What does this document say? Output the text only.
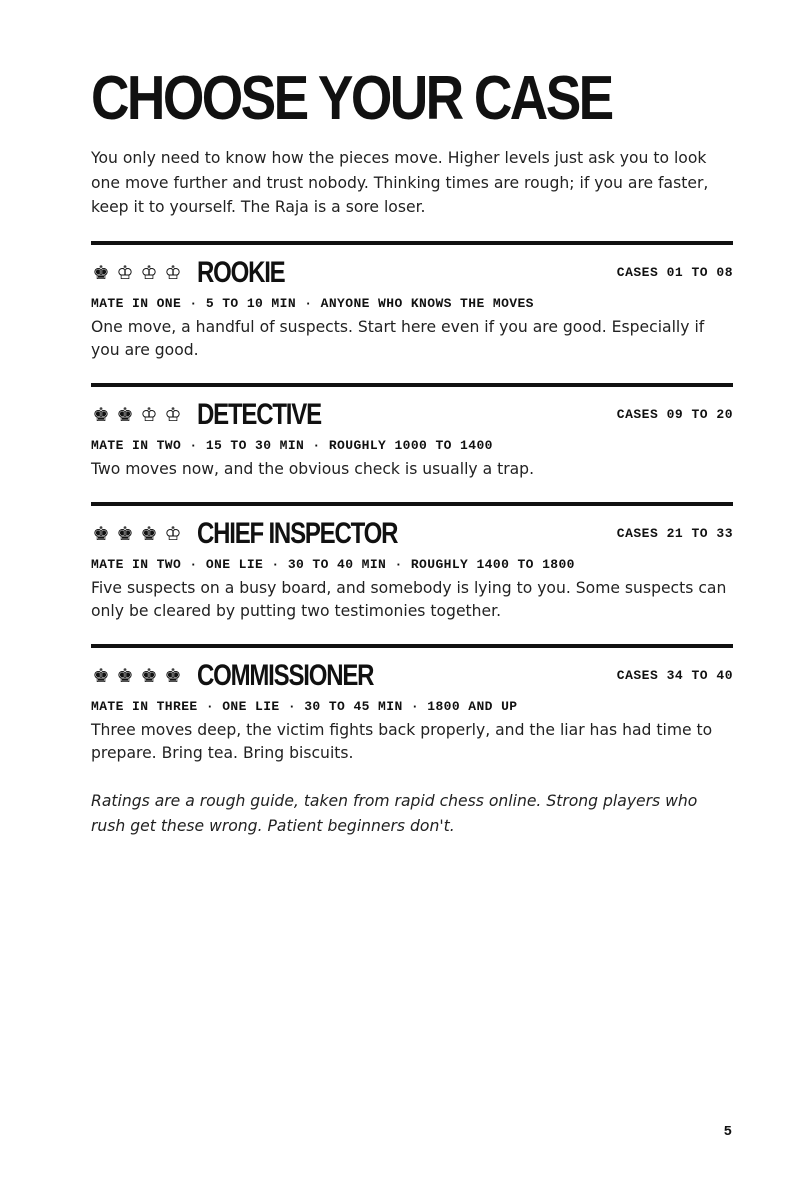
CHOOSE YOUR CASE

You only need to know how the pieces move. Higher levels just ask you to look one move further and trust nobody. Thinking times are rough; if you are faster, keep it to yourself. The Raja is a sore loser.

♚ ♔ ♔ ♔ ROOKIE	CASES 01 TO 08
MATE IN ONE · 5 TO 10 MIN · ANYONE WHO KNOWS THE MOVES

One move, a handful of suspects. Start here even if you are good. Especially if you are good.

♚ ♚ ♔ ♔ DETECTIVE	CASES 09 TO 20
MATE IN TWO · 15 TO 30 MIN · ROUGHLY 1000 TO 1400

Two moves now, and the obvious check is usually a trap.

♚ ♚ ♚ ♔ CHIEF INSPECTOR	CASES 21 TO 33
MATE IN TWO · ONE LIE · 30 TO 40 MIN · ROUGHLY 1400 TO 1800

Five suspects on a busy board, and somebody is lying to you. Some suspects can only be cleared by putting two testimonies together.

♚ ♚ ♚ ♚ COMMISSIONER	CASES 34 TO 40
MATE IN THREE · ONE LIE · 30 TO 45 MIN · 1800 AND UP

Three moves deep, the victim fights back properly, and the liar has had time to prepare. Bring tea. Bring biscuits.

Ratings are a rough guide, taken from rapid chess online. Strong players who rush get these wrong. Patient beginners don't.

5
